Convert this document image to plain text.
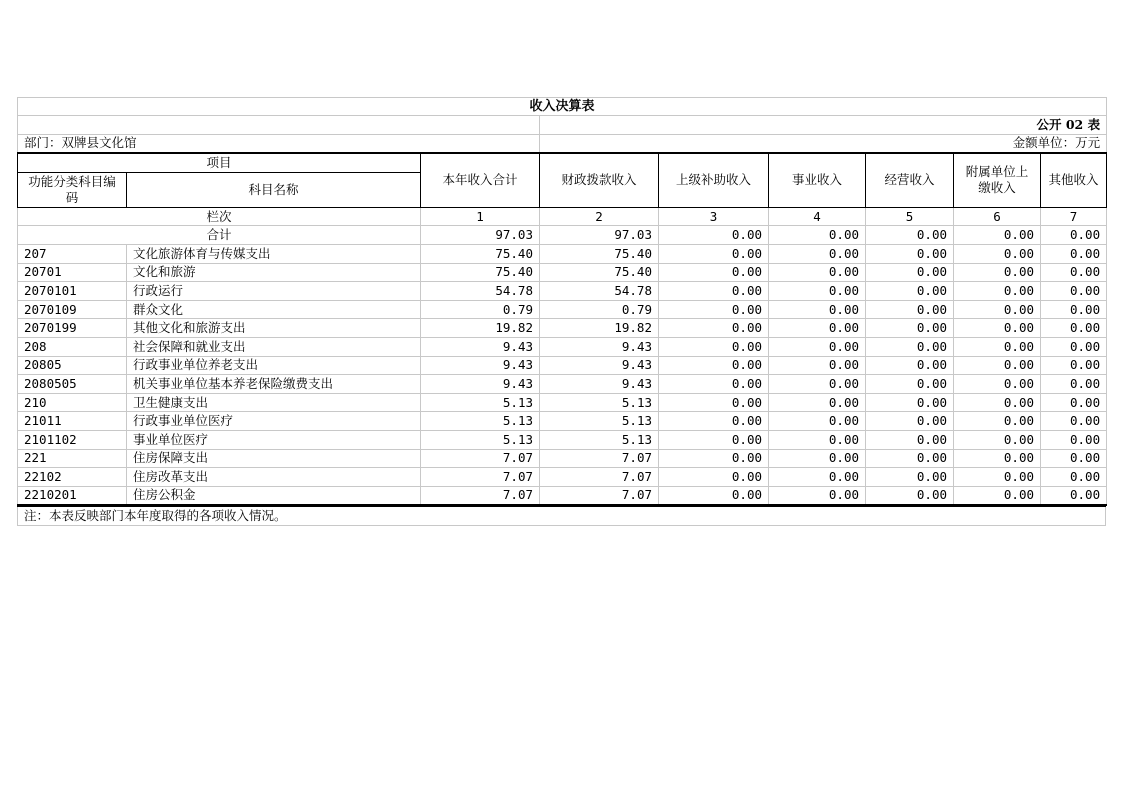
收入决算表								
			公开 02 表					
部门：双牌县文化馆			金额单位：万元					
项目		本年收入合计	财政拨款收入	上级补助收入	事业收入	经营收入	附属单位上缴收入	其他收入
功能分类科目编码	科目名称							
栏次		1	2	3	4	5	6	7
合计		97.03	97.03	0.00	0.00	0.00	0.00	0.00
207	文化旅游体育与传媒支出	75.40	75.40	0.00	0.00	0.00	0.00	0.00
20701	文化和旅游	75.40	75.40	0.00	0.00	0.00	0.00	0.00
2070101	行政运行	54.78	54.78	0.00	0.00	0.00	0.00	0.00
2070109	群众文化	0.79	0.79	0.00	0.00	0.00	0.00	0.00
2070199	其他文化和旅游支出	19.82	19.82	0.00	0.00	0.00	0.00	0.00
208	社会保障和就业支出	9.43	9.43	0.00	0.00	0.00	0.00	0.00
20805	行政事业单位养老支出	9.43	9.43	0.00	0.00	0.00	0.00	0.00
2080505	机关事业单位基本养老保险缴费支出	9.43	9.43	0.00	0.00	0.00	0.00	0.00
210	卫生健康支出	5.13	5.13	0.00	0.00	0.00	0.00	0.00
21011	行政事业单位医疗	5.13	5.13	0.00	0.00	0.00	0.00	0.00
2101102	事业单位医疗	5.13	5.13	0.00	0.00	0.00	0.00	0.00
221	住房保障支出	7.07	7.07	0.00	0.00	0.00	0.00	0.00
22102	住房改革支出	7.07	7.07	0.00	0.00	0.00	0.00	0.00
2210201	住房公积金	7.07	7.07	0.00	0.00	0.00	0.00	0.00
注：本表反映部门本年度取得的各项收入情况。
